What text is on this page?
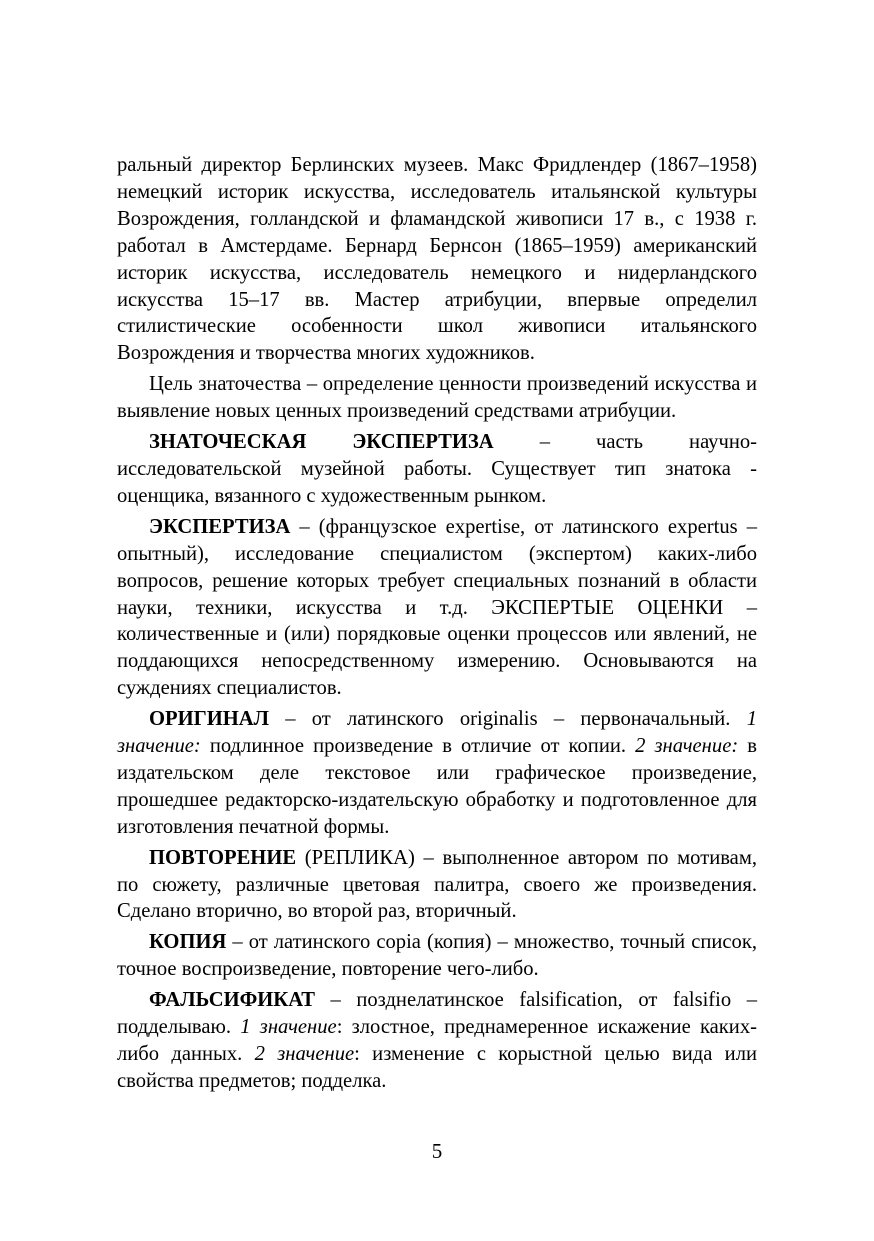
ральный директор Берлинских музеев. Макс Фридлендер (1867–1958) немецкий историк искусства, исследователь итальянской культуры Возрождения, голландской и фламандской живописи 17 в., с 1938 г. работал в Амстердаме. Бернард Бернсон (1865–1959) американский историк искусства, исследователь немецкого и нидерландского искусства 15–17 вв. Мастер атрибуции, впервые определил стилистические особенности школ живописи итальянского Возрождения и творчества многих художников.

Цель знаточества – определение ценности произведений искусства и выявление новых ценных произведений средствами атрибуции.

ЗНАТОЧЕСКАЯ ЭКСПЕРТИЗА – часть научно-исследовательской музейной работы. Существует тип знатока - оценщика, вязанного с художественным рынком.

ЭКСПЕРТИЗА – (французское expertise, от латинского expertus – опытный), исследование специалистом (экспертом) каких-либо вопросов, решение которых требует специальных познаний в области науки, техники, искусства и т.д. ЭКСПЕРТЫЕ ОЦЕНКИ – количественные и (или) порядковые оценки процессов или явлений, не поддающихся непосредственному измерению. Основываются на суждениях специалистов.

ОРИГИНАЛ – от латинского originalis – первоначальный. 1 значение: подлинное произведение в отличие от копии. 2 значение: в издательском деле текстовое или графическое произведение, прошедшее редакторско-издательскую обработку и подготовленное для изготовления печатной формы.

ПОВТОРЕНИЕ (РЕПЛИКА) – выполненное автором по мотивам, по сюжету, различные цветовая палитра, своего же произведения. Сделано вторично, во второй раз, вторичный.

КОПИЯ – от латинского copia (копия) – множество, точный список, точное воспроизведение, повторение чего-либо.

ФАЛЬСИФИКАТ – позднелатинское falsification, от falsifio – подделываю. 1 значение: злостное, преднамеренное искажение каких-либо данных. 2 значение: изменение с корыстной целью вида или свойства предметов; подделка.

5
